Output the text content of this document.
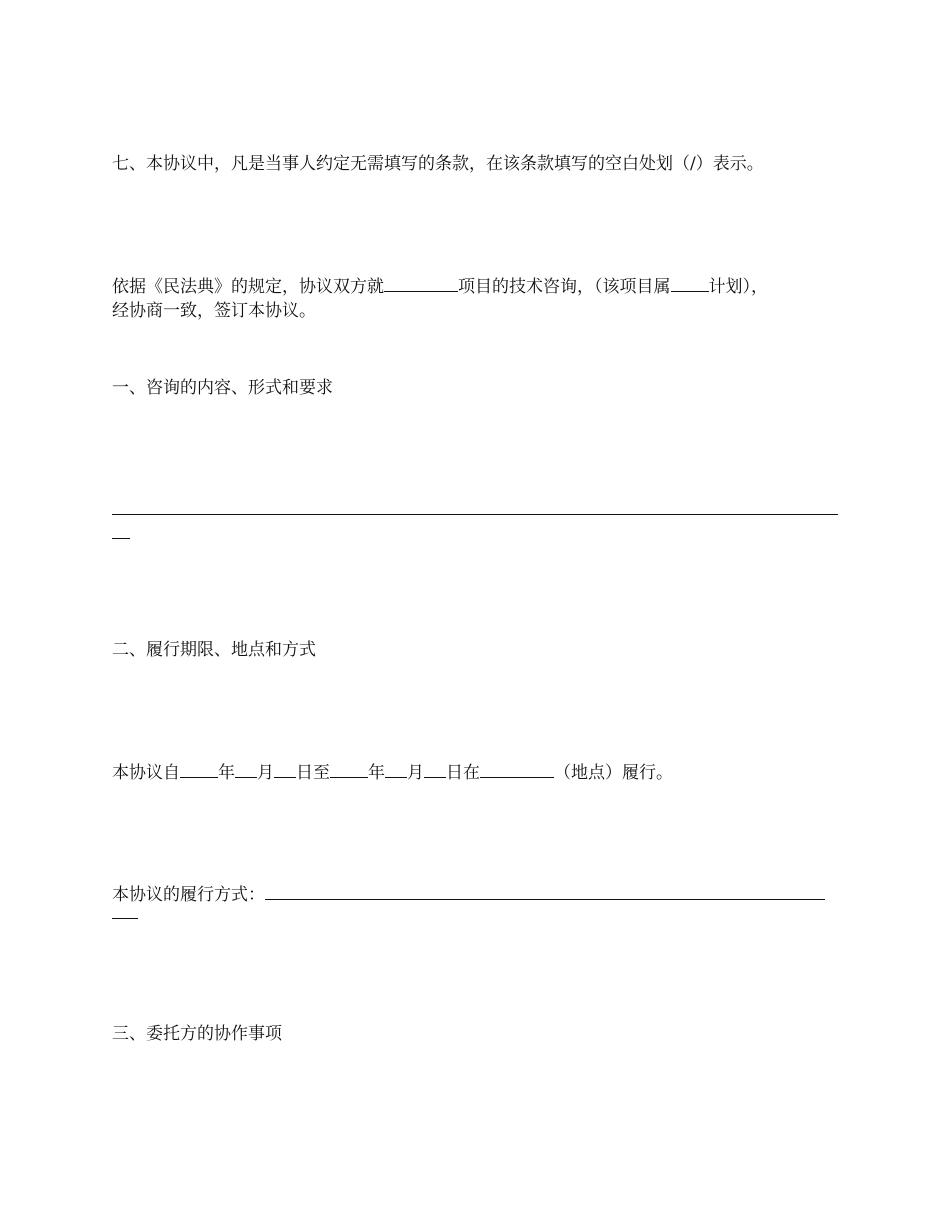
七、本协议中，凡是当事人约定无需填写的条款，在该条款填写的空白处划（/）表示。

依据《民法典》的规定，协议双方就	项目的技术咨询，（该项目属 计划），
经协商一致，签订本协议。

一、咨询的内容、形式和要求

二、履行期限、地点和方式

本协议自 年 月 日至 年 月 日在	（地点）履行。

本协议的履行方式：

三、委托方的协作事项
